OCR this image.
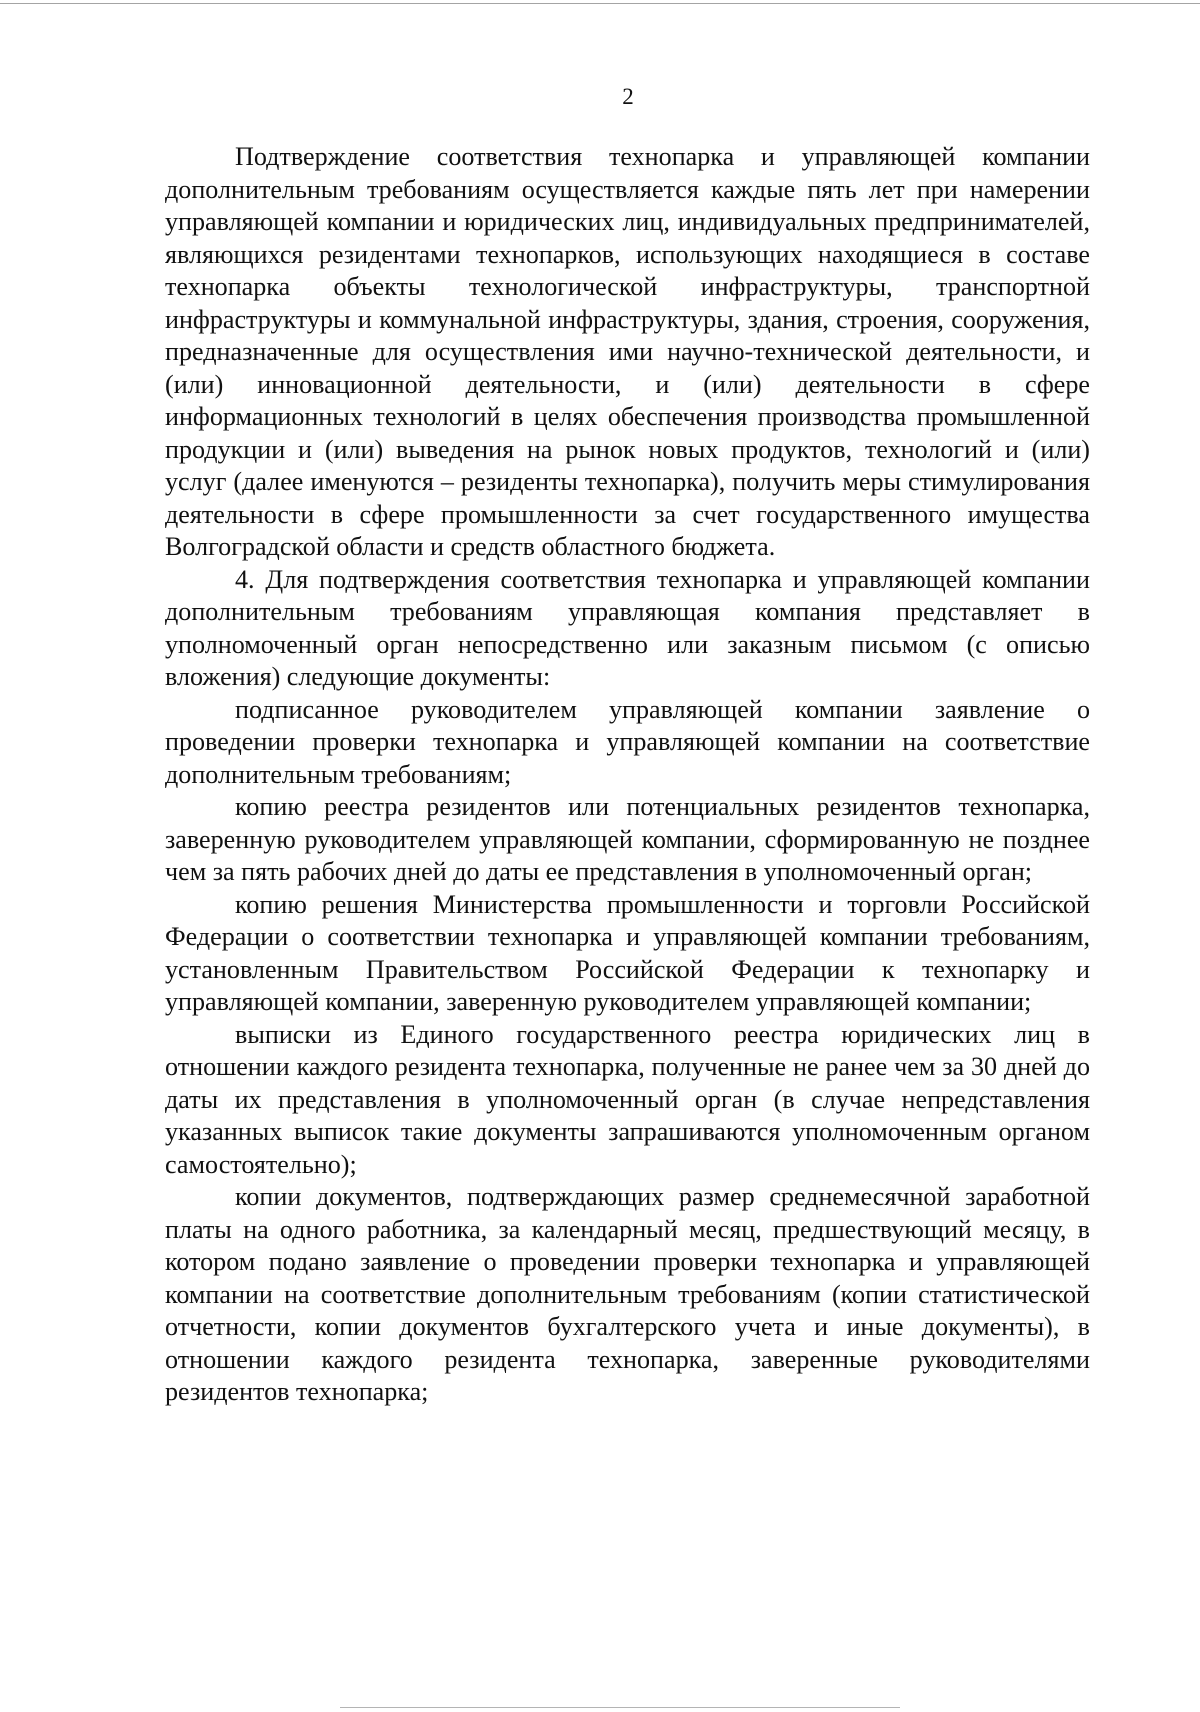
2

Подтверждение соответствия технопарка и управляющей компании дополнительным требованиям осуществляется каждые пять лет при намерении управляющей компании и юридических лиц, индивидуальных предпринимателей, являющихся резидентами технопарков, использующих находящиеся в составе технопарка объекты технологической инфраструктуры, транспортной инфраструктуры и коммунальной инфраструктуры, здания, строения, сооружения, предназначенные для осуществления ими научно-технической деятельности, и (или) инновационной деятельности, и (или) деятельности в сфере информационных технологий в целях обеспечения производства промышленной продукции и (или) выведения на рынок новых продуктов, технологий и (или) услуг (далее именуются – резиденты технопарка), получить меры стимулирования деятельности в сфере промышленности за счет государственного имущества Волгоградской области и средств областного бюджета.

4. Для подтверждения соответствия технопарка и управляющей компании дополнительным требованиям управляющая компания представляет в уполномоченный орган непосредственно или заказным письмом (с описью вложения) следующие документы:

подписанное руководителем управляющей компании заявление о проведении проверки технопарка и управляющей компании на соответствие дополнительным требованиям;

копию реестра резидентов или потенциальных резидентов технопарка, заверенную руководителем управляющей компании, сформированную не позднее чем за пять рабочих дней до даты ее представления в уполномоченный орган;

копию решения Министерства промышленности и торговли Российской Федерации о соответствии технопарка и управляющей компании требованиям, установленным Правительством Российской Федерации к технопарку и управляющей компании, заверенную руководителем управляющей компании;

выписки из Единого государственного реестра юридических лиц в отношении каждого резидента технопарка, полученные не ранее чем за 30 дней до даты их представления в уполномоченный орган (в случае непредставления указанных выписок такие документы запрашиваются уполномоченным органом самостоятельно);

копии документов, подтверждающих размер среднемесячной заработной платы на одного работника, за календарный месяц, предшествующий месяцу, в котором подано заявление о проведении проверки технопарка и управляющей компании на соответствие дополнительным требованиям (копии статистической отчетности, копии документов бухгалтерского учета и иные документы), в отношении каждого резидента технопарка, заверенные руководителями резидентов технопарка;
